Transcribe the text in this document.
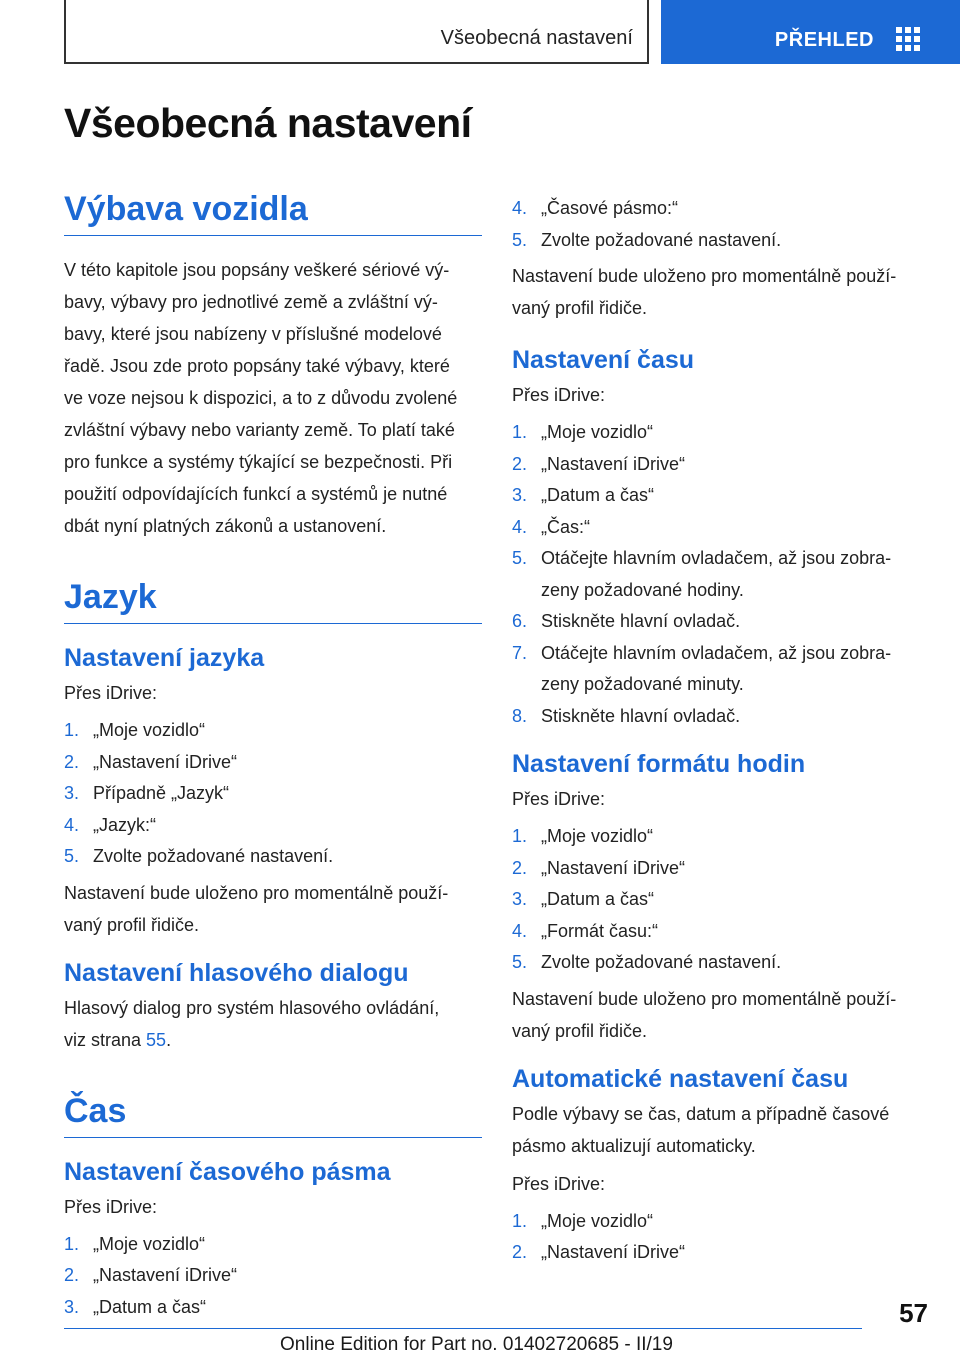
Všeobecná nastavení	PŘEHLED
Všeobecná nastavení
Výbava vozidla

V této kapitole jsou popsány veškeré sériové vý-
bavy, výbavy pro jednotlivé země a zvláštní vý-
bavy, které jsou nabízeny v příslušné modelové
řadě. Jsou zde proto popsány také výbavy, které
ve voze nejsou k dispozici, a to z důvodu zvolené
zvláštní výbavy nebo varianty země. To platí také
pro funkce a systémy týkající se bezpečnosti. Při
použití odpovídajících funkcí a systémů je nutné
dbát nyní platných zákonů a ustanovení.

Jazyk
Nastavení jazyka

Přes iDrive:

1. „Moje vozidlo“
2. „Nastavení iDrive“
3. Případně „Jazyk“
4. „Jazyk:“
5. Zvolte požadované nastavení.

Nastavení bude uloženo pro momentálně použí-
vaný profil řidiče.

Nastavení hlasového dialogu

Hlasový dialog pro systém hlasového ovládání,
viz strana 55.

Čas
Nastavení časového pásma

Přes iDrive:

1. „Moje vozidlo“
2. „Nastavení iDrive“
3. „Datum a čas“
4. „Časové pásmo:“
5. Zvolte požadované nastavení.

Nastavení bude uloženo pro momentálně použí-
vaný profil řidiče.

Nastavení času

Přes iDrive:

1. „Moje vozidlo“
2. „Nastavení iDrive“
3. „Datum a čas“
4. „Čas:“
5. Otáčejte hlavním ovladačem, až jsou zobra-
zeny požadované hodiny.
6. Stiskněte hlavní ovladač.
7. Otáčejte hlavním ovladačem, až jsou zobra-
zeny požadované minuty.
8. Stiskněte hlavní ovladač.
Nastavení formátu hodin

Přes iDrive:

1. „Moje vozidlo“
2. „Nastavení iDrive“
3. „Datum a čas“
4. „Formát času:“
5. Zvolte požadované nastavení.

Nastavení bude uloženo pro momentálně použí-
vaný profil řidiče.

Automatické nastavení času

Podle výbavy se čas, datum a případně časové
pásmo aktualizují automaticky.

Přes iDrive:

1. „Moje vozidlo“
2. „Nastavení iDrive“
57
Online Edition for Part no. 01402720685 - II/19
